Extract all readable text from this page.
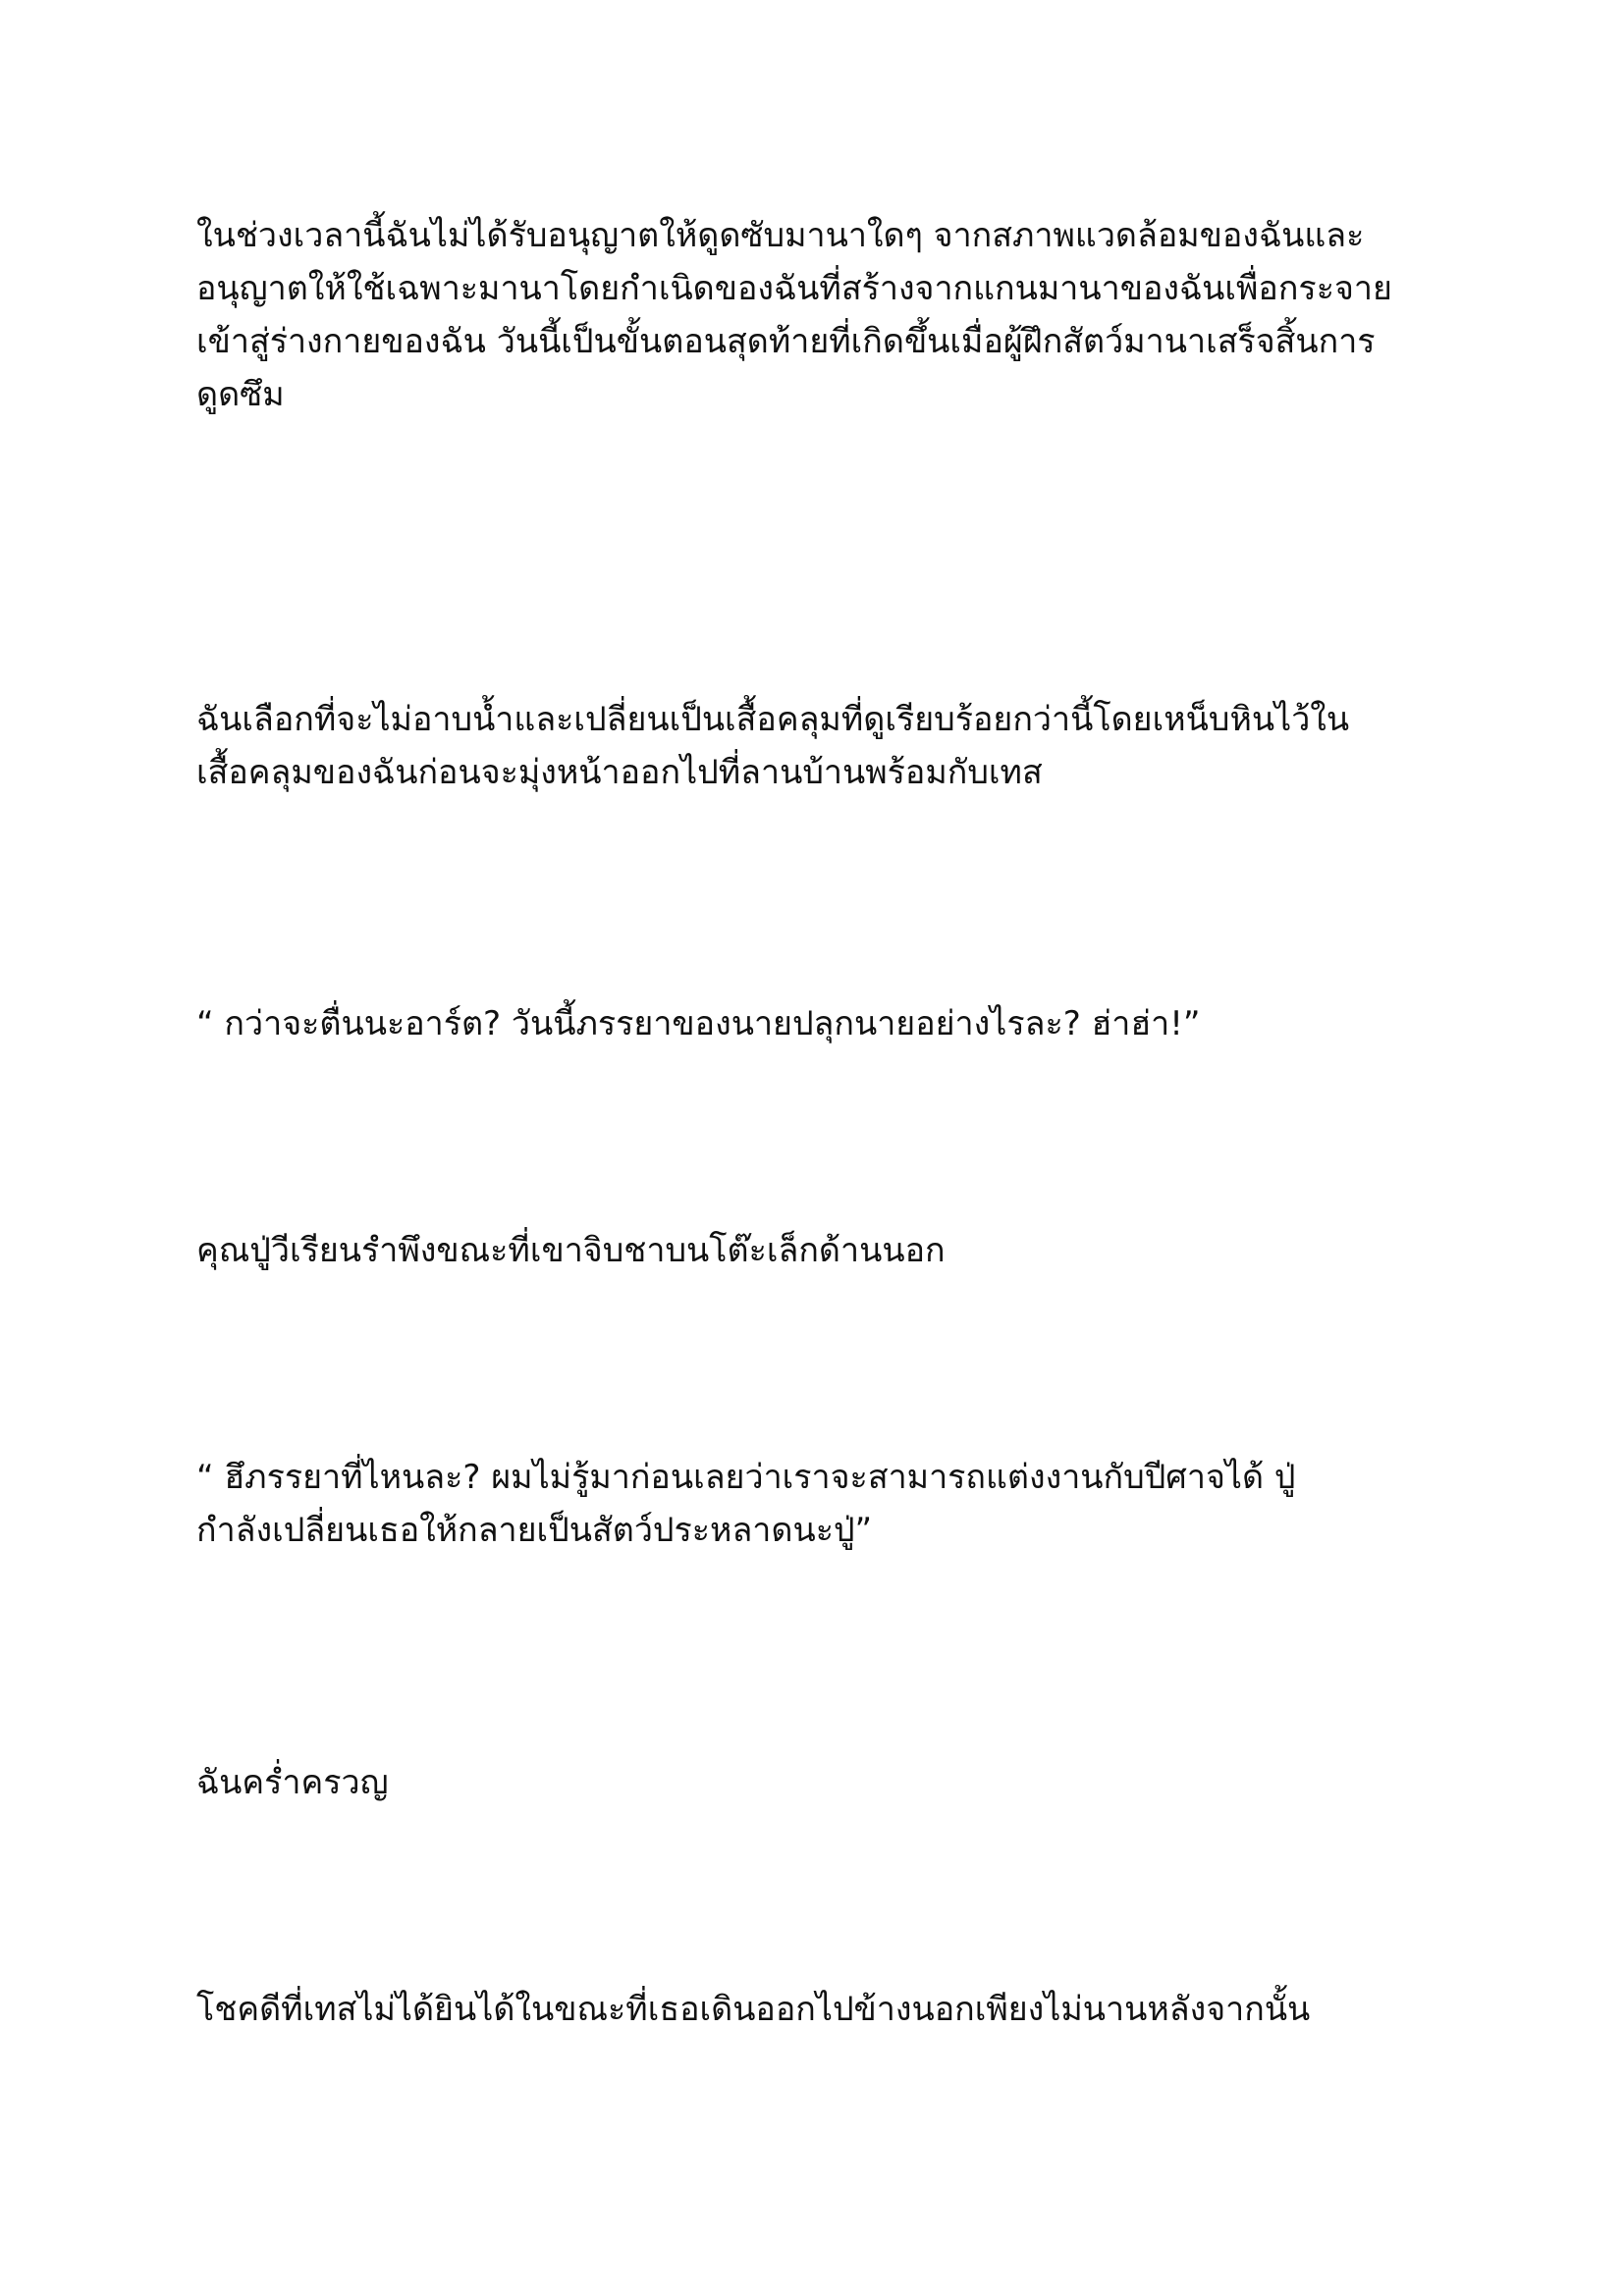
ในช่วงเวลานี้ฉันไม่ได้รับอนุญาตให้ดูดซับมานาใดๆ จากสภาพแวดล้อมของฉันและ
อนุญาตให้ใช้เฉพาะมานาโดยกำเนิดของฉันที่สร้างจากแกนมานาของฉันเพื่อกระจาย
เข้าสู่ร่างกายของฉัน วันนี้เป็นขั้นตอนสุดท้ายที่เกิดขึ้นเมื่อผู้ฝึกสัตว์มานาเสร็จสิ้นการ
ดูดซึม

ฉันเลือกที่จะไม่อาบน้ำและเปลี่ยนเป็นเสื้อคลุมที่ดูเรียบร้อยกว่านี้โดยเหน็บหินไว้ใน
เสื้อคลุมของฉันก่อนจะมุ่งหน้าออกไปที่ลานบ้านพร้อมกับเทส

“ กว่าจะตื่นนะอาร์ต? วันนี้ภรรยาของนายปลุกนายอย่างไรละ? ฮ่าฮ่า!”

คุณปู่วีเรียนรำพึงขณะที่เขาจิบชาบนโต๊ะเล็กด้านนอก

“ ฮึภรรยาที่ไหนละ? ผมไม่รู้มาก่อนเลยว่าเราจะสามารถแต่งงานกับปีศาจได้ ปู่
กำลังเปลี่ยนเธอให้กลายเป็นสัตว์ประหลาดนะปู่”

ฉันคร่ำครวญ

โชคดีที่เทสไม่ได้ยินได้ในขณะที่เธอเดินออกไปข้างนอกเพียงไม่นานหลังจากนั้น
